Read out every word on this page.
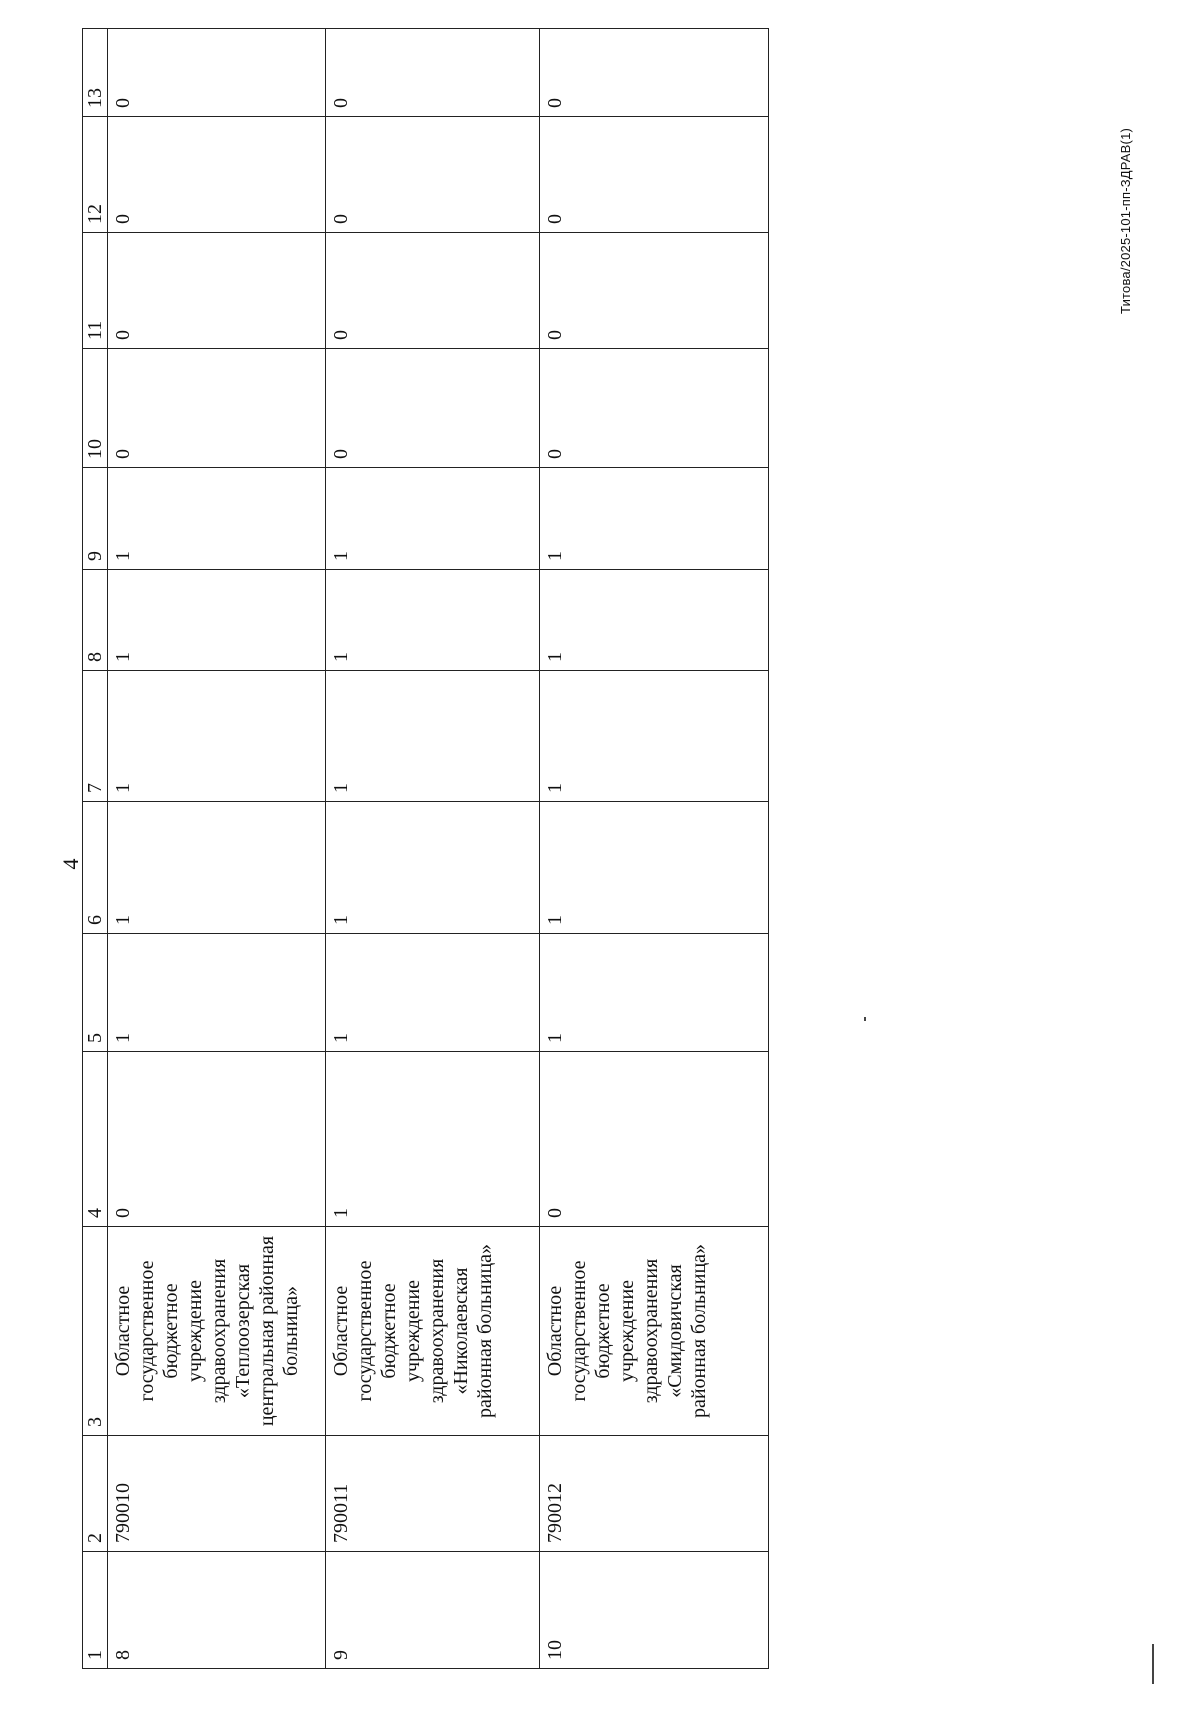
4
1	2	3	4	5	6	7	8	9	10	11	12	13
8	790010	Областное государственное бюджетное учреждение здравоохранения «Теплоозерская центральная районная больница»	0	1	1	1	1	1	0	0	0	0
9	790011	Областное государственное бюджетное учреждение здравоохранения «Николаевская районная больница»	1	1	1	1	1	1	0	0	0	0
10	790012	Областное государственное бюджетное учреждение здравоохранения «Смидовичская районная больница»	0	1	1	1	1	1	0	0	0	0
Титова/2025-101-пп-ЗДРАВ(1)
